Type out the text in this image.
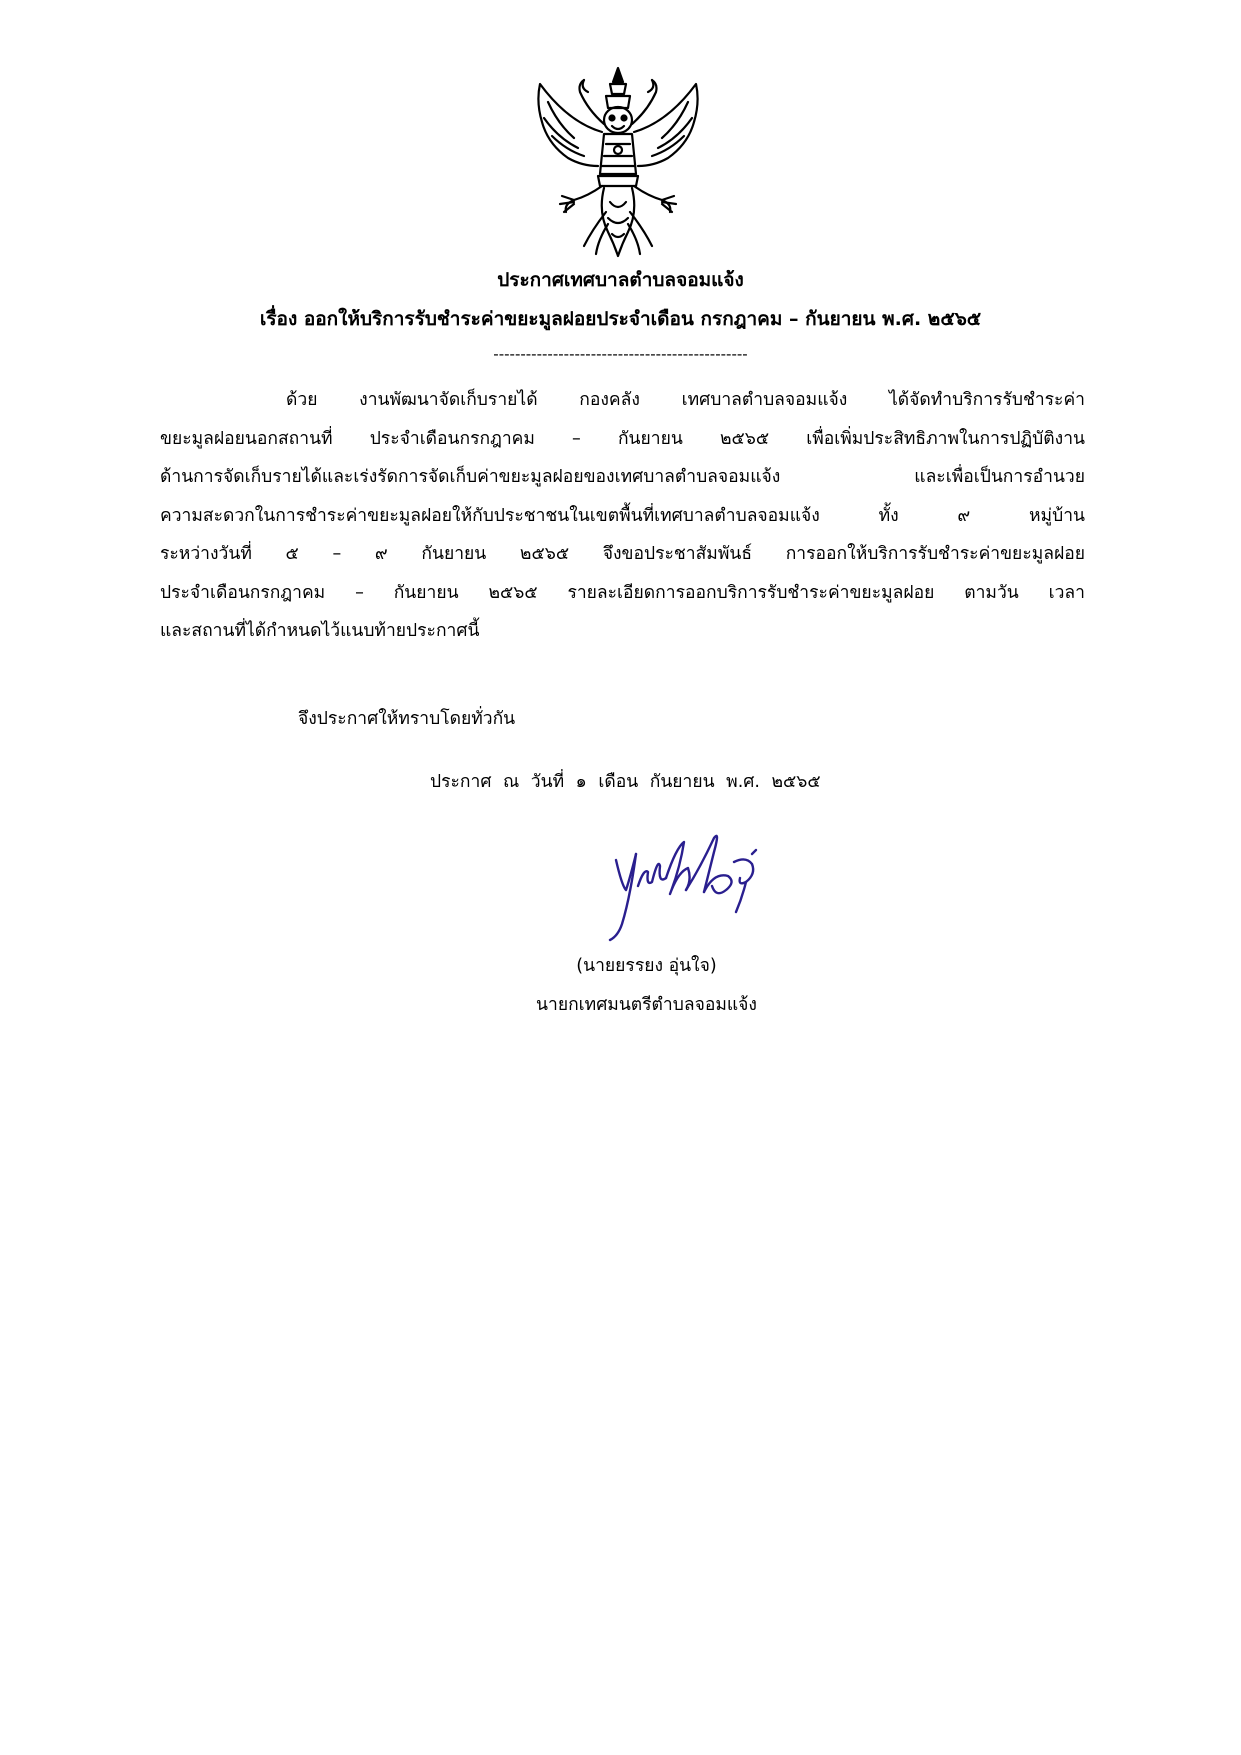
ประกาศเทศบาลตำบลจอมแจ้ง
เรื่อง ออกให้บริการรับชำระค่าขยะมูลฝอยประจำเดือน กรกฎาคม – กันยายน พ.ศ. ๒๕๖๕
-----------------------------------------------
ด้วย งานพัฒนาจัดเก็บรายได้ กองคลัง เทศบาลตำบลจอมแจ้ง ได้จัดทำบริการรับชำระค่า
ขยะมูลฝอยนอกสถานที่ ประจำเดือนกรกฎาคม – กันยายน ๒๕๖๕ เพื่อเพิ่มประสิทธิภาพในการปฏิบัติงาน
ด้านการจัดเก็บรายได้และเร่งรัดการจัดเก็บค่าขยะมูลฝอยของเทศบาลตำบลจอมแจ้ง และเพื่อเป็นการอำนวย
ความสะดวกในการชำระค่าขยะมูลฝอยให้กับประชาชนในเขตพื้นที่เทศบาลตำบลจอมแจ้ง ทั้ง ๙ หมู่บ้าน
ระหว่างวันที่ ๕ – ๙ กันยายน ๒๕๖๕ จึงขอประชาสัมพันธ์ การออกให้บริการรับชำระค่าขยะมูลฝอย
ประจำเดือนกรกฎาคม – กันยายน ๒๕๖๕ รายละเอียดการออกบริการรับชำระค่าขยะมูลฝอย ตามวัน เวลา
และสถานที่ได้กำหนดไว้แนบท้ายประกาศนี้
จึงประกาศให้ทราบโดยทั่วกัน
ประกาศ ณ วันที่ ๑ เดือน กันยายน พ.ศ. ๒๕๖๕
(นายยรรยง อุ่นใจ)
นายกเทศมนตรีตำบลจอมแจ้ง
